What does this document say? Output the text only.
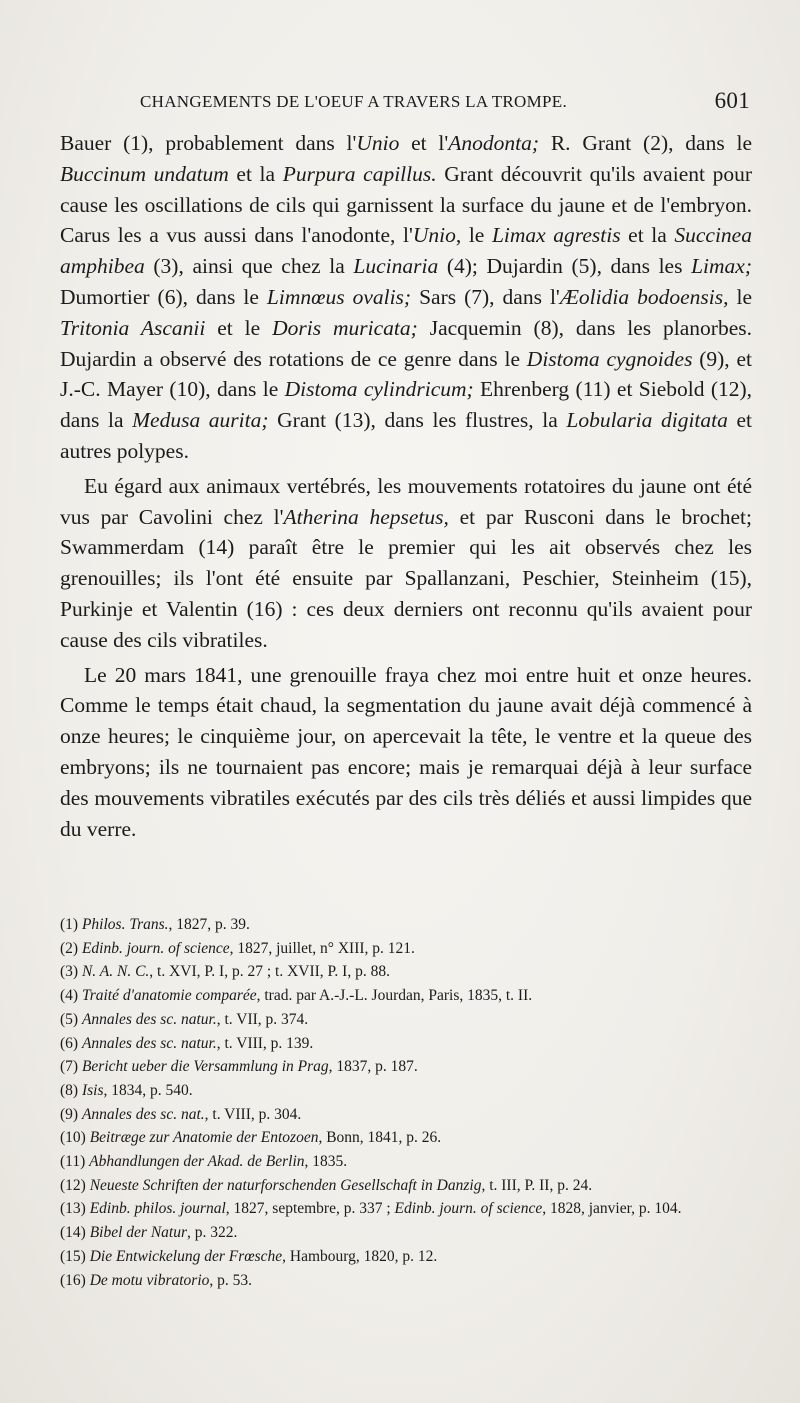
CHANGEMENTS DE L'OEUF A TRAVERS LA TROMPE.	601

Bauer (1), probablement dans l'Unio et l'Anodonta; R. Grant (2), dans le Buccinum undatum et la Purpura capillus. Grant découvrit qu'ils avaient pour cause les oscillations de cils qui garnissent la surface du jaune et de l'embryon. Carus les a vus aussi dans l'anodonte, l'Unio, le Limax agrestis et la Succinea amphibea (3), ainsi que chez la Lucinaria (4); Dujardin (5), dans les Limax; Dumortier (6), dans le Limnœus ovalis; Sars (7), dans l'Æolidia bodoensis, le Tritonia Ascanii et le Doris muricata; Jacquemin (8), dans les planorbes. Dujardin a observé des rotations de ce genre dans le Distoma cygnoides (9), et J.-C. Mayer (10), dans le Distoma cylindricum; Ehrenberg (11) et Siebold (12), dans la Medusa aurita; Grant (13), dans les flustres, la Lobularia digitata et autres polypes.

Eu égard aux animaux vertébrés, les mouvements rotatoires du jaune ont été vus par Cavolini chez l'Atherina hepsetus, et par Rusconi dans le brochet; Swammerdam (14) paraît être le premier qui les ait observés chez les grenouilles; ils l'ont été ensuite par Spallanzani, Peschier, Steinheim (15), Purkinje et Valentin (16) : ces deux derniers ont reconnu qu'ils avaient pour cause des cils vibratiles.

Le 20 mars 1841, une grenouille fraya chez moi entre huit et onze heures. Comme le temps était chaud, la segmentation du jaune avait déjà commencé à onze heures; le cinquième jour, on apercevait la tête, le ventre et la queue des embryons; ils ne tournaient pas encore; mais je remarquai déjà à leur surface des mouvements vibratiles exécutés par des cils très déliés et aussi limpides que du verre.

(1) Philos. Trans., 1827, p. 39.
(2) Edinb. journ. of science, 1827, juillet, n° XIII, p. 121.
(3) N. A. N. C., t. XVI, P. I, p. 27 ; t. XVII, P. I, p. 88.
(4) Traité d'anatomie comparée, trad. par A.-J.-L. Jourdan, Paris, 1835, t. II.
(5) Annales des sc. natur., t. VII, p. 374.
(6) Annales des sc. natur., t. VIII, p. 139.
(7) Bericht ueber die Versammlung in Prag, 1837, p. 187.
(8) Isis, 1834, p. 540.
(9) Annales des sc. nat., t. VIII, p. 304.
(10) Beitræge zur Anatomie der Entozoen, Bonn, 1841, p. 26.
(11) Abhandlungen der Akad. de Berlin, 1835.
(12) Neueste Schriften der naturforschenden Gesellschaft in Danzig, t. III, P. II, p. 24.
(13) Edinb. philos. journal, 1827, septembre, p. 337 ; Edinb. journ. of science, 1828, janvier, p. 104.
(14) Bibel der Natur, p. 322.
(15) Die Entwickelung der Frœsche, Hambourg, 1820, p. 12.
(16) De motu vibratorio, p. 53.
